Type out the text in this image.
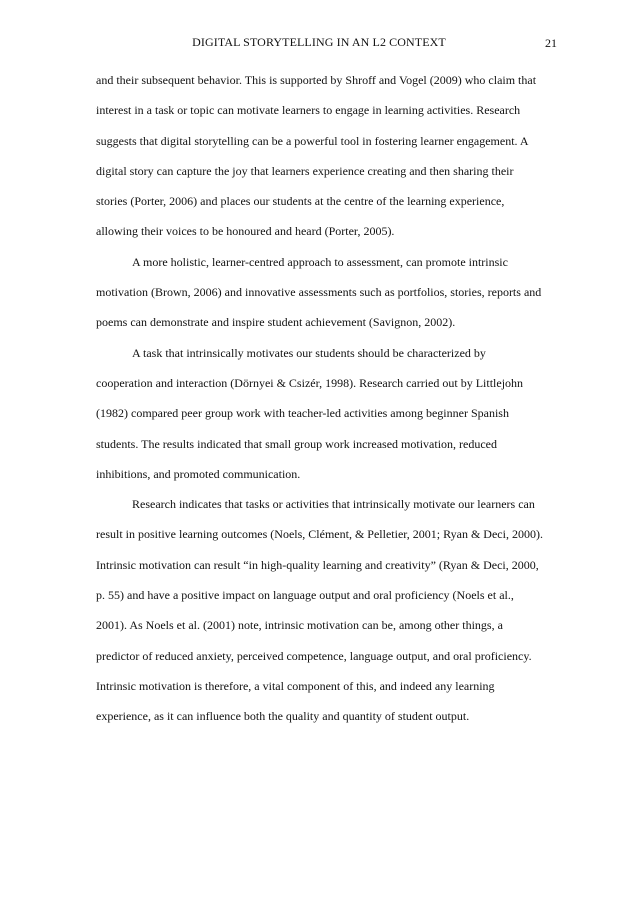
DIGITAL STORYTELLING IN AN L2 CONTEXT	21

and their subsequent behavior. This is supported by Shroff and Vogel (2009) who claim that interest in a task or topic can motivate learners to engage in learning activities. Research suggests that digital storytelling can be a powerful tool in fostering learner engagement. A digital story can capture the joy that learners experience creating and then sharing their stories (Porter, 2006) and places our students at the centre of the learning experience, allowing their voices to be honoured and heard (Porter, 2005).

A more holistic, learner-centred approach to assessment, can promote intrinsic motivation (Brown, 2006) and innovative assessments such as portfolios, stories, reports and poems can demonstrate and inspire student achievement (Savignon, 2002).

A task that intrinsically motivates our students should be characterized by cooperation and interaction (Dörnyei & Csizér, 1998). Research carried out by Littlejohn (1982) compared peer group work with teacher-led activities among beginner Spanish students. The results indicated that small group work increased motivation, reduced inhibitions, and promoted communication.

Research indicates that tasks or activities that intrinsically motivate our learners can result in positive learning outcomes (Noels, Clément, & Pelletier, 2001; Ryan & Deci, 2000). Intrinsic motivation can result “in high-quality learning and creativity” (Ryan & Deci, 2000, p. 55) and have a positive impact on language output and oral proficiency (Noels et al., 2001). As Noels et al. (2001) note, intrinsic motivation can be, among other things, a predictor of reduced anxiety, perceived competence, language output, and oral proficiency. Intrinsic motivation is therefore, a vital component of this, and indeed any learning experience, as it can influence both the quality and quantity of student output.
